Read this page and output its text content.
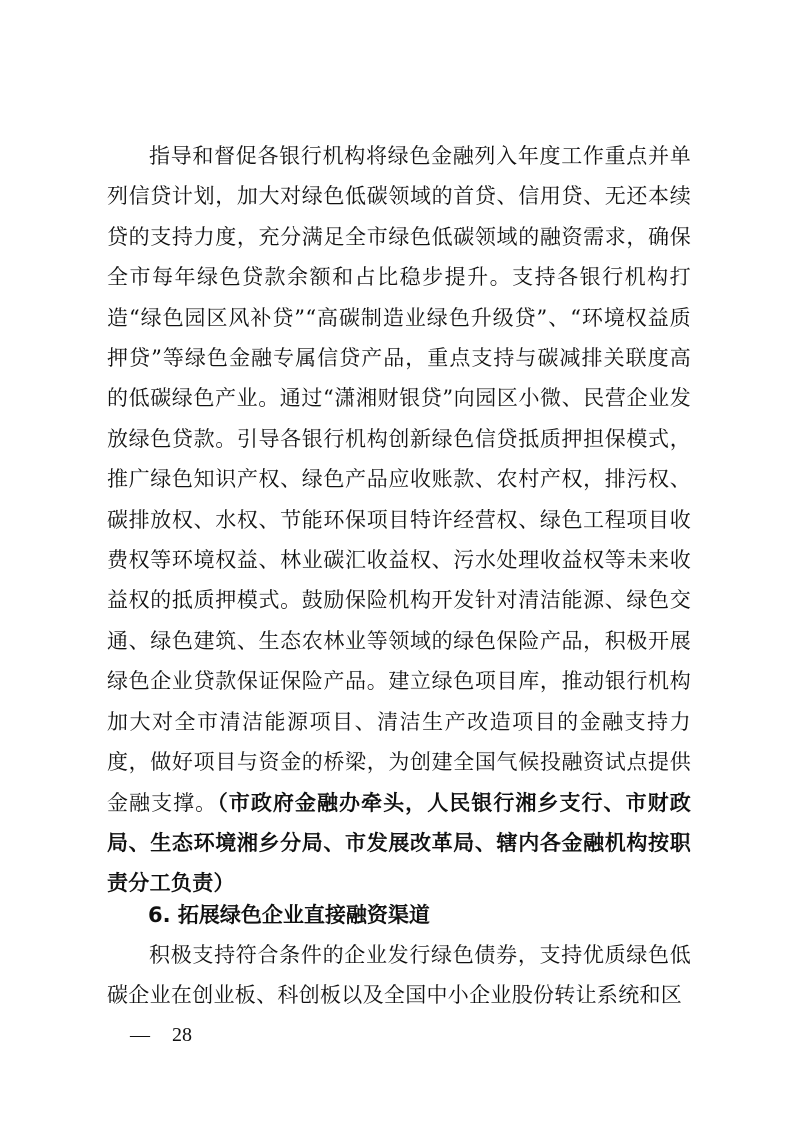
指导和督促各银行机构将绿色金融列入年度工作重点并单列信贷计划，加大对绿色低碳领域的首贷、信用贷、无还本续贷的支持力度，充分满足全市绿色低碳领域的融资需求，确保全市每年绿色贷款余额和占比稳步提升。支持各银行机构打造“绿色园区风补贷”“高碳制造业绿色升级贷”、“环境权益质押贷”等绿色金融专属信贷产品，重点支持与碳减排关联度高的低碳绿色产业。通过“潇湘财银贷”向园区小微、民营企业发放绿色贷款。引导各银行机构创新绿色信贷抵质押担保模式，推广绿色知识产权、绿色产品应收账款、农村产权，排污权、碳排放权、水权、节能环保项目特许经营权、绿色工程项目收费权等环境权益、林业碳汇收益权、污水处理收益权等未来收益权的抵质押模式。鼓励保险机构开发针对清洁能源、绿色交通、绿色建筑、生态农林业等领域的绿色保险产品，积极开展绿色企业贷款保证保险产品。建立绿色项目库，推动银行机构加大对全市清洁能源项目、清洁生产改造项目的金融支持力度，做好项目与资金的桥梁，为创建全国气候投融资试点提供金融支撑。（市政府金融办牵头，人民银行湘乡支行、市财政局、生态环境湘乡分局、市发展改革局、辖内各金融机构按职责分工负责）

6. 拓展绿色企业直接融资渠道

积极支持符合条件的企业发行绿色债券，支持优质绿色低碳企业在创业板、科创板以及全国中小企业股份转让系统和区

— 28
